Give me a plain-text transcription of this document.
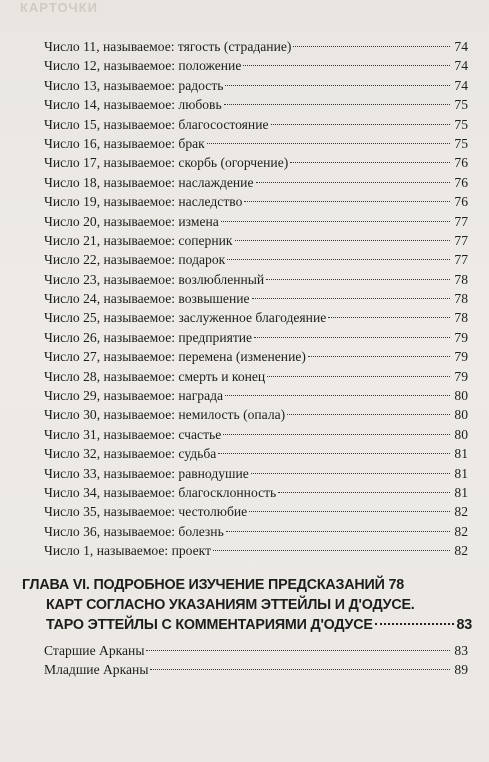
КАРТОЧКИ
Число 11, называемое: тягость (страдание)	74
Число 12, называемое: положение	74
Число 13, называемое: радость	74
Число 14, называемое: любовь	75
Число 15, называемое: благосостояние	75
Число 16, называемое: брак	75
Число 17, называемое: скорбь (огорчение)	76
Число 18, называемое: наслаждение	76
Число 19, называемое: наследство	76
Число 20, называемое: измена	77
Число 21, называемое: соперник	77
Число 22, называемое: подарок	77
Число 23, называемое: возлюбленный	78
Число 24, называемое: возвышение	78
Число 25, называемое: заслуженное благодеяние	78
Число 26, называемое: предприятие	79
Число 27, называемое: перемена (изменение)	79
Число 28, называемое: смерть и конец	79
Число 29, называемое: награда	80
Число 30, называемое: немилость (опала)	80
Число 31, называемое: счастье	80
Число 32, называемое: судьба	81
Число 33, называемое: равнодушие	81
Число 34, называемое: благосклонность	81
Число 35, называемое: честолюбие	82
Число 36, называемое: болезнь	82
Число 1, называемое: проект	82
ГЛАВА VI. ПОДРОБНОЕ ИЗУЧЕНИЕ ПРЕДСКАЗАНИЙ 78
КАРТ СОГЛАСНО УКАЗАНИЯМ ЭТТЕЙЛЫ И Д'ОДУСЕ.
ТАРО ЭТТЕЙЛЫ С КОММЕНТАРИЯМИ Д'ОДУСЕ	83
Старшие Арканы	83
Младшие Арканы	89
